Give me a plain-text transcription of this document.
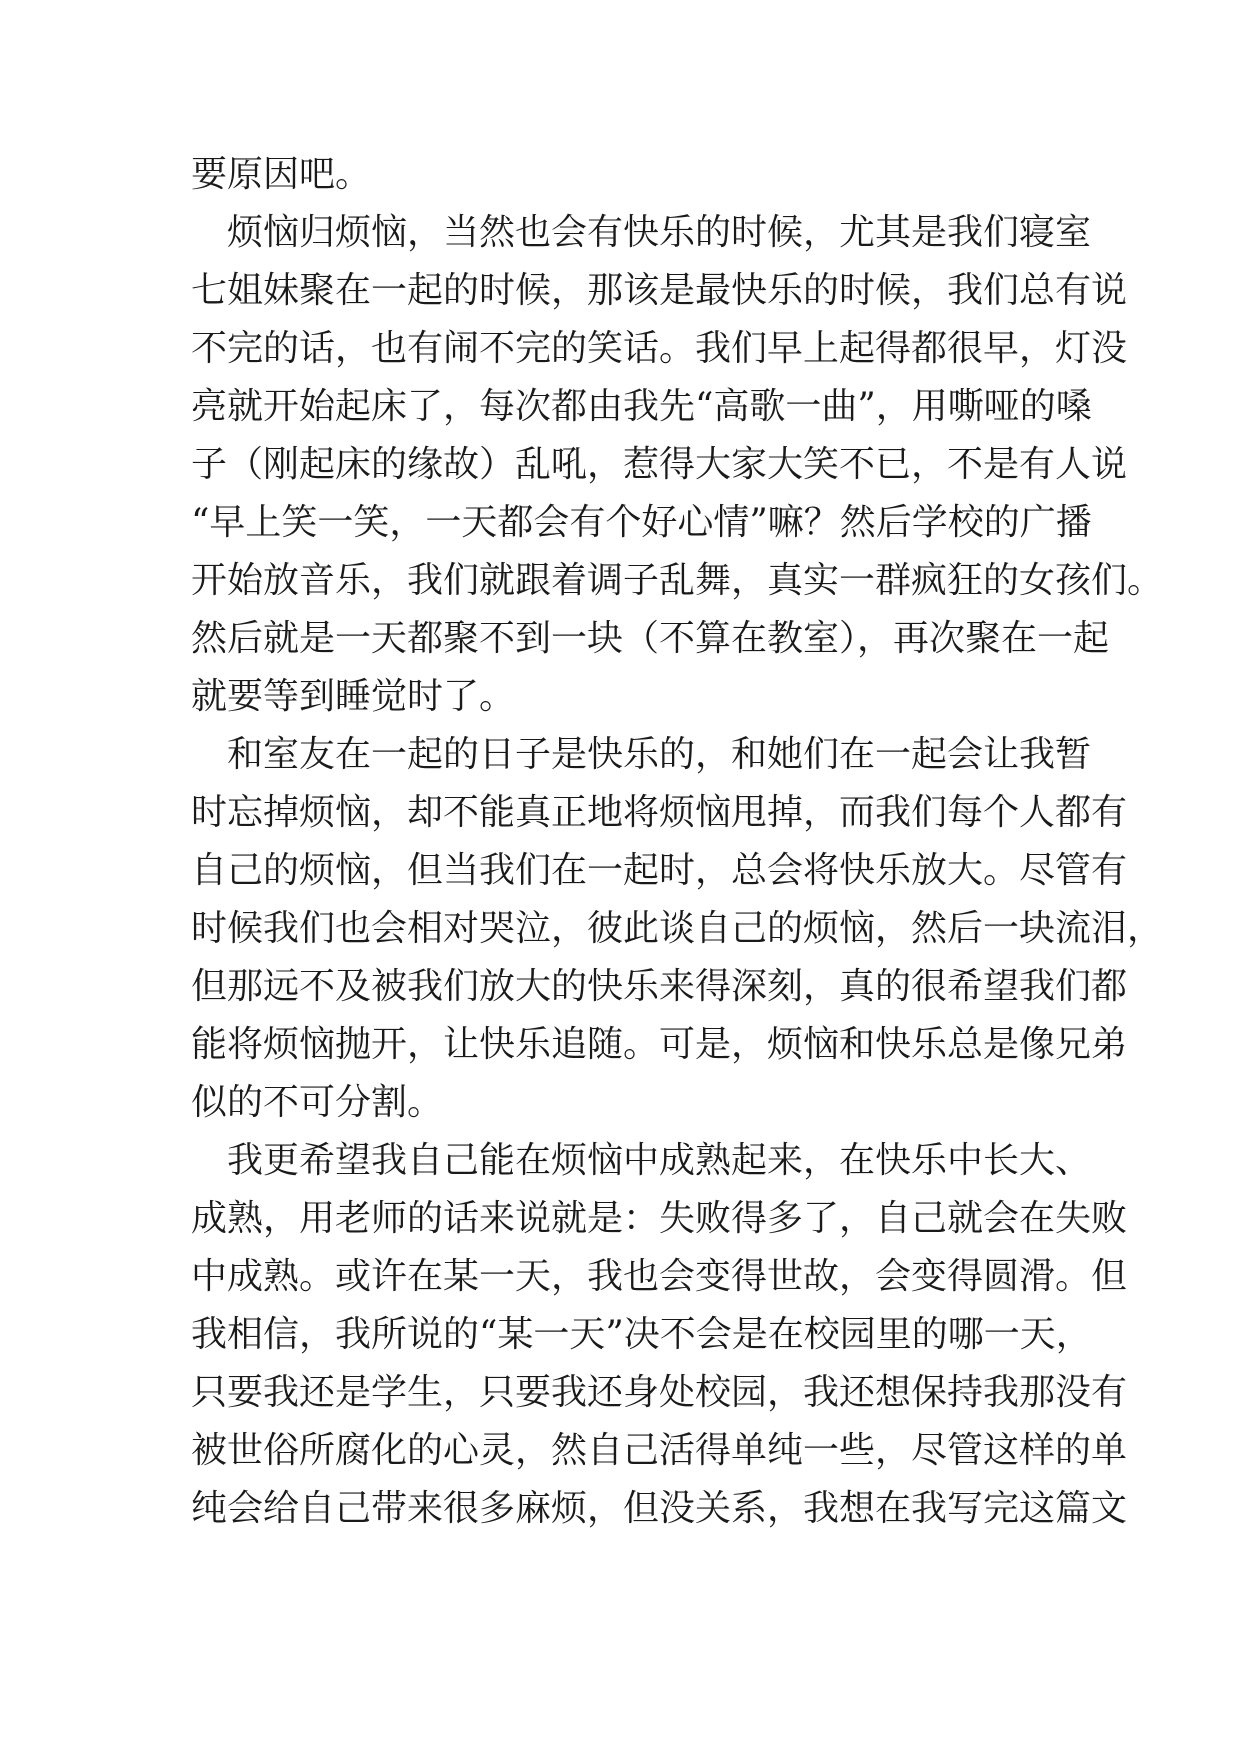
要原因吧。
　烦恼归烦恼，当然也会有快乐的时候，尤其是我们寝室
七姐妹聚在一起的时候，那该是最快乐的时候，我们总有说
不完的话，也有闹不完的笑话。我们早上起得都很早，灯没
亮就开始起床了，每次都由我先“高歌一曲”，用嘶哑的嗓
子（刚起床的缘故）乱吼，惹得大家大笑不已，不是有人说
“早上笑一笑，一天都会有个好心情”嘛？然后学校的广播
开始放音乐，我们就跟着调子乱舞，真实一群疯狂的女孩们。
然后就是一天都聚不到一块（不算在教室），再次聚在一起
就要等到睡觉时了。
　和室友在一起的日子是快乐的，和她们在一起会让我暂
时忘掉烦恼，却不能真正地将烦恼甩掉，而我们每个人都有
自己的烦恼，但当我们在一起时，总会将快乐放大。尽管有
时候我们也会相对哭泣，彼此谈自己的烦恼，然后一块流泪，
但那远不及被我们放大的快乐来得深刻，真的很希望我们都
能将烦恼抛开，让快乐追随。可是，烦恼和快乐总是像兄弟
似的不可分割。
　我更希望我自己能在烦恼中成熟起来，在快乐中长大、
成熟，用老师的话来说就是：失败得多了，自己就会在失败
中成熟。或许在某一天，我也会变得世故，会变得圆滑。但
我相信，我所说的“某一天”决不会是在校园里的哪一天，
只要我还是学生，只要我还身处校园，我还想保持我那没有
被世俗所腐化的心灵，然自己活得单纯一些，尽管这样的单
纯会给自己带来很多麻烦，但没关系，我想在我写完这篇文
